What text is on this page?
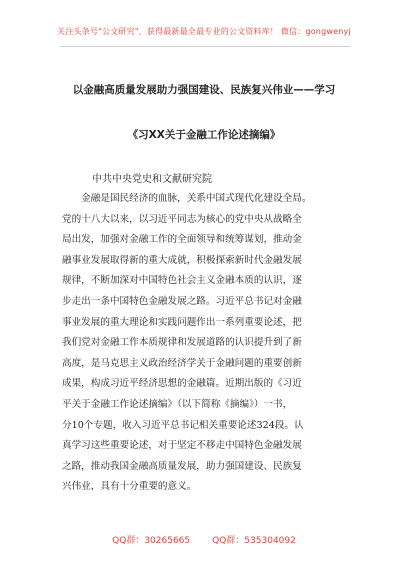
关注头条号"公文研究"，获得最新最全最专业的公文资料库！ 微信：gongwenyj
以金融高质量发展助力强国建设、民族复兴伟业——学习
《习XX关于金融工作论述摘编》
中共中央党史和文献研究院
　　金融是国民经济的血脉，关系中国式现代化建设全局。
党的十八大以来，以习近平同志为核心的党中央从战略全
局出发，加强对金融工作的全面领导和统筹谋划，推动金
融事业发展取得新的重大成就，积极探索新时代金融发展
规律，不断加深对中国特色社会主义金融本质的认识，逐
步走出一条中国特色金融发展之路。习近平总书记对金融
事业发展的重大理论和实践问题作出一系列重要论述，把
我们党对金融工作本质规律和发展道路的认识提升到了新
高度，是马克思主义政治经济学关于金融问题的重要创新
成果，构成习近平经济思想的金融篇。近期出版的《习近
平关于金融工作论述摘编》（以下简称《摘编》）一书，
分10个专题，收入习近平总书记相关重要论述324段。认
真学习这些重要论述，对于坚定不移走中国特色金融发展
之路，推动我国金融高质量发展，助力强国建设、民族复
兴伟业，具有十分重要的意义。
QQ群：30265665 QQ群：535304092
